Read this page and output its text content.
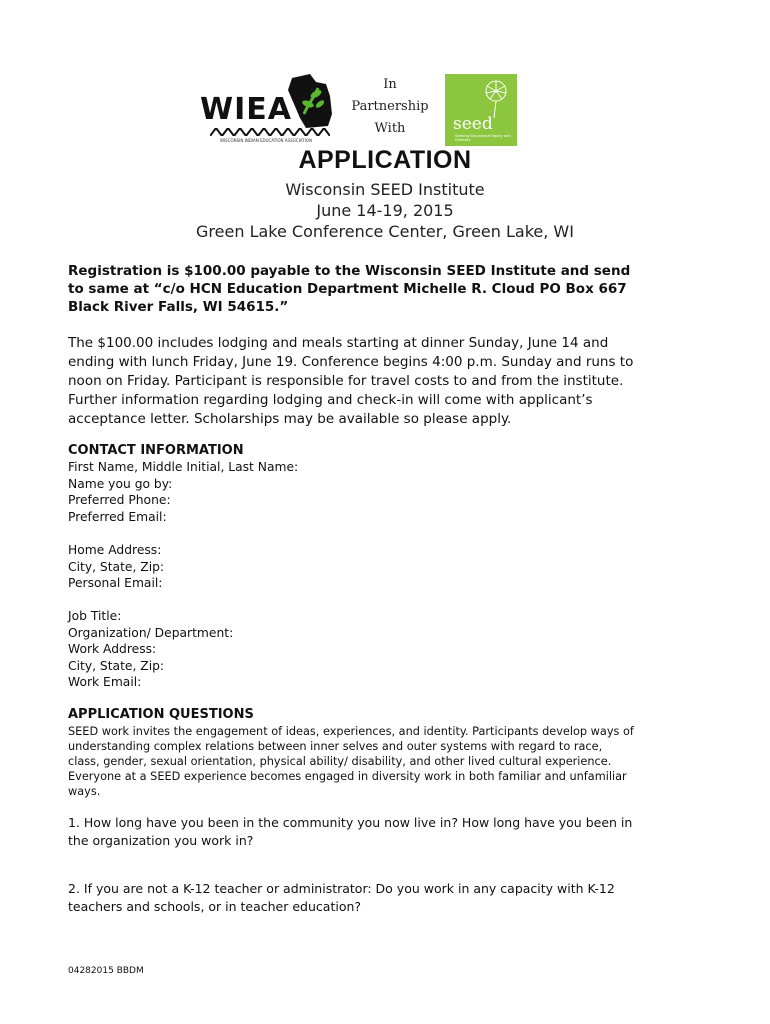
WIEA
WISCONSIN INDIAN EDUCATION ASSOCIATION
In
Partnership
With	seed
Seeking Educational Equity and Diversity
APPLICATION
Wisconsin SEED Institute
June 14-19, 2015
Green Lake Conference Center, Green Lake, WI
Registration is $100.00 payable to the Wisconsin SEED Institute and send
to same at “c/o HCN Education Department Michelle R. Cloud PO Box 667
Black River Falls, WI 54615.”
The $100.00 includes lodging and meals starting at dinner Sunday, June 14 and
ending with lunch Friday, June 19. Conference begins 4:00 p.m. Sunday and runs to
noon on Friday. Participant is responsible for travel costs to and from the institute.
Further information regarding lodging and check-in will come with applicant’s
acceptance letter. Scholarships may be available so please apply.
CONTACT INFORMATION
First Name, Middle Initial, Last Name:
Name you go by:
Preferred Phone:
Preferred Email:
Home Address:
City, State, Zip:
Personal Email:
Job Title:
Organization/ Department:
Work Address:
City, State, Zip:
Work Email:
APPLICATION QUESTIONS
SEED work invites the engagement of ideas, experiences, and identity. Participants develop ways of
understanding complex relations between inner selves and outer systems with regard to race,
class, gender, sexual orientation, physical ability/ disability, and other lived cultural experience.
Everyone at a SEED experience becomes engaged in diversity work in both familiar and unfamiliar
ways.
1. How long have you been in the community you now live in? How long have you been in
the organization you work in?
2. If you are not a K-12 teacher or administrator: Do you work in any capacity with K-12
teachers and schools, or in teacher education?
04282015 BBDM
